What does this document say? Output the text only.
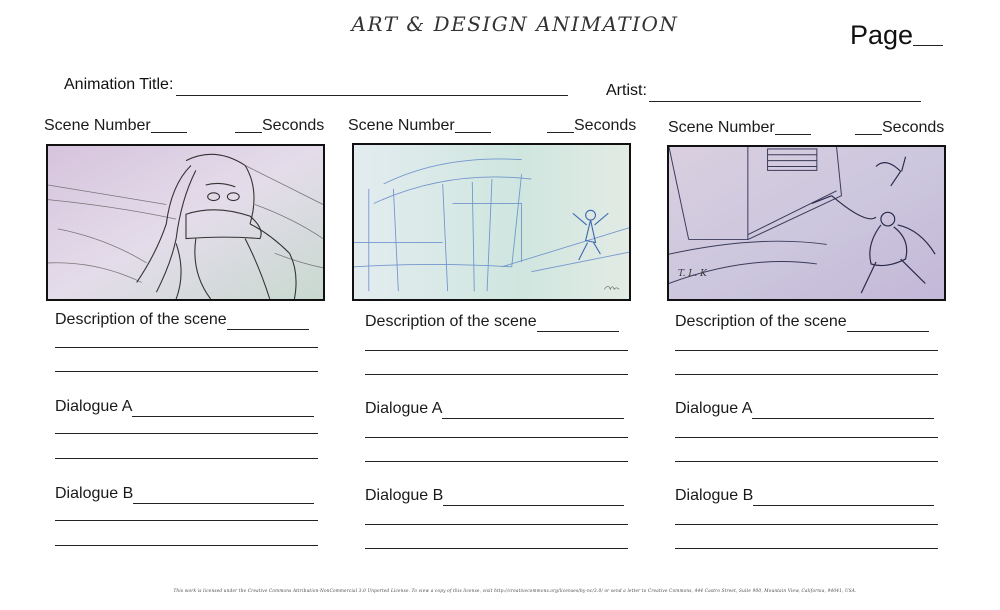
ART & DESIGN ANIMATION	Page
Animation Title:	Artist:
Scene Number	Seconds
Description of the scene
Dialogue A
Dialogue B
Scene Number	Seconds
Description of the scene
Dialogue A
Dialogue B
Scene Number	Seconds
T. L. K
Description of the scene
Dialogue A
Dialogue B
This work is licensed under the Creative Commons Attribution-NonCommercial 3.0 Unported License. To view a copy of this license, visit http://creativecommons.org/licenses/by-nc/3.0/ or send a letter to Creative Commons, 444 Castro Street, Suite 900, Mountain View, California, 94041, USA.
